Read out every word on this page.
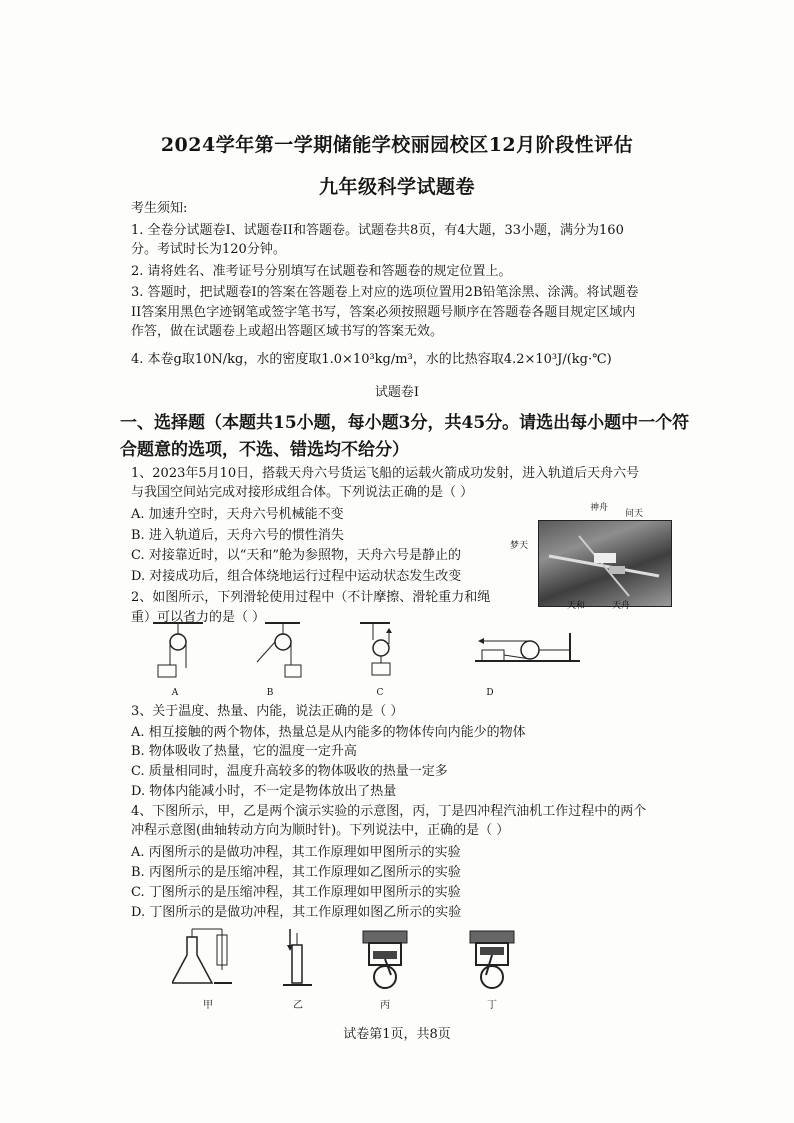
2024学年第一学期储能学校丽园校区12月阶段性评估
九年级科学试题卷
考生须知:
1. 全卷分试题卷I、试题卷II和答题卷。试题卷共8页，有4大题，33小题，满分为160
分。考试时长为120分钟。
2. 请将姓名、准考证号分别填写在试题卷和答题卷的规定位置上。
3. 答题时，把试题卷I的答案在答题卷上对应的选项位置用2B铅笔涂黑、涂满。将试题卷
II答案用黑色字迹钢笔或签字笔书写，答案必须按照题号顺序在答题卷各题目规定区域内
作答，做在试题卷上或超出答题区域书写的答案无效。
4. 本卷g取10N/kg，水的密度取1.0×10³kg/m³，水的比热容取4.2×10³J/(kg·℃)
试题卷I
一、选择题（本题共15小题，每小题3分，共45分。请选出每小题中一个符
合题意的选项，不选、错选均不给分）
1、2023年5月10日，搭载天舟六号货运飞船的运载火箭成功发射，进入轨道后天舟六号
与我国空间站完成对接形成组合体。下列说法正确的是（ ）
A. 加速升空时，天舟六号机械能不变
B. 进入轨道后，天舟六号的惯性消失
C. 对接靠近时，以“天和”舱为参照物，天舟六号是静止的
D. 对接成功后，组合体绕地运行过程中运动状态发生改变
神舟
问天
梦天
天和	天舟
2、如图所示，下列滑轮使用过程中（不计摩擦、滑轮重力和绳
重）可以省力的是（ ）
A	B	C	D
3、关于温度、热量、内能，说法正确的是（ ）
A. 相互接触的两个物体，热量总是从内能多的物体传向内能少的物体
B. 物体吸收了热量，它的温度一定升高
C. 质量相同时，温度升高较多的物体吸收的热量一定多
D. 物体内能减小时，不一定是物体放出了热量
4、下图所示，甲，乙是两个演示实验的示意图，丙，丁是四冲程汽油机工作过程中的两个
冲程示意图(曲轴转动方向为顺时针)。下列说法中，正确的是（ ）
A. 丙图所示的是做功冲程，其工作原理如甲图所示的实验
B. 丙图所示的是压缩冲程，其工作原理如乙图所示的实验
C. 丁图所示的是压缩冲程，其工作原理如甲图所示的实验
D. 丁图所示的是做功冲程，其工作原理如图乙所示的实验
甲	乙	丙	丁
试卷第1页，共8页
